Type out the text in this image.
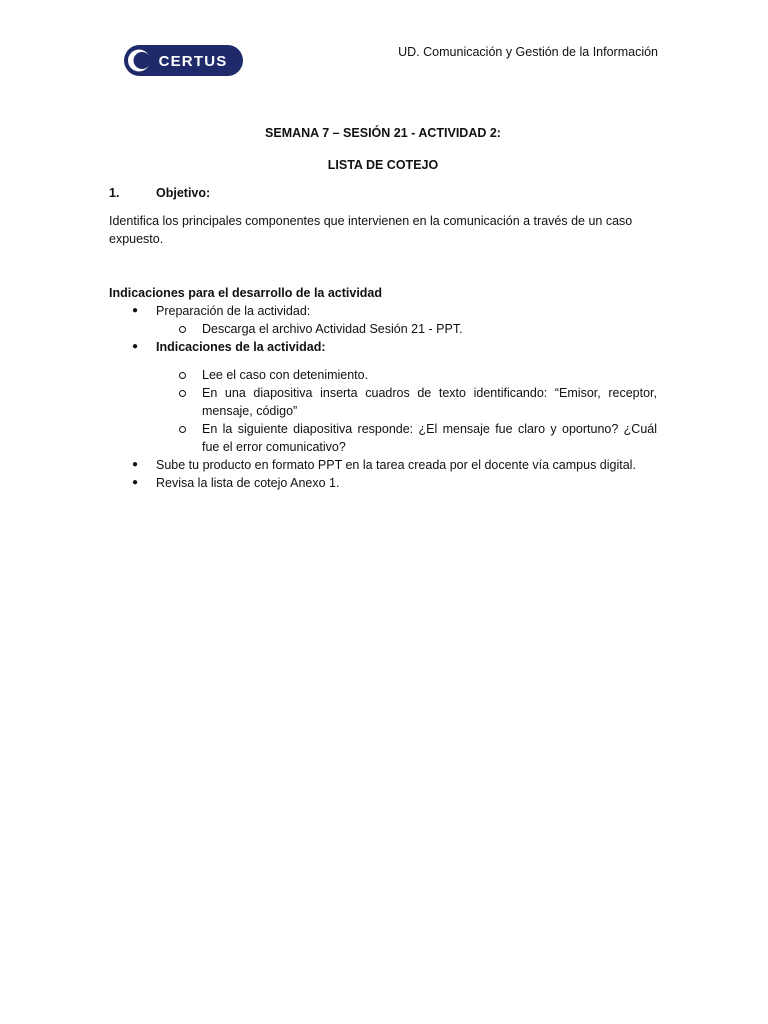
CERTUS
UD. Comunicación y Gestión de la Información
SEMANA 7 – SESIÓN 21 - ACTIVIDAD 2:
LISTA DE COTEJO
1.	Objetivo:
Identifica los principales componentes que intervienen en la comunicación a través de un caso expuesto.
Indicaciones para el desarrollo de la actividad
● Preparación de la actividad:
Descarga el archivo Actividad Sesión 21 - PPT.
● Indicaciones de la actividad:
Lee el caso con detenimiento.
En una diapositiva inserta cuadros de texto identificando: “Emisor, receptor, mensaje, código”
En la siguiente diapositiva responde: ¿El mensaje fue claro y oportuno? ¿Cuál fue el error comunicativo?
● Sube tu producto en formato PPT en la tarea creada por el docente vía campus digital.
● Revisa la lista de cotejo Anexo 1.
